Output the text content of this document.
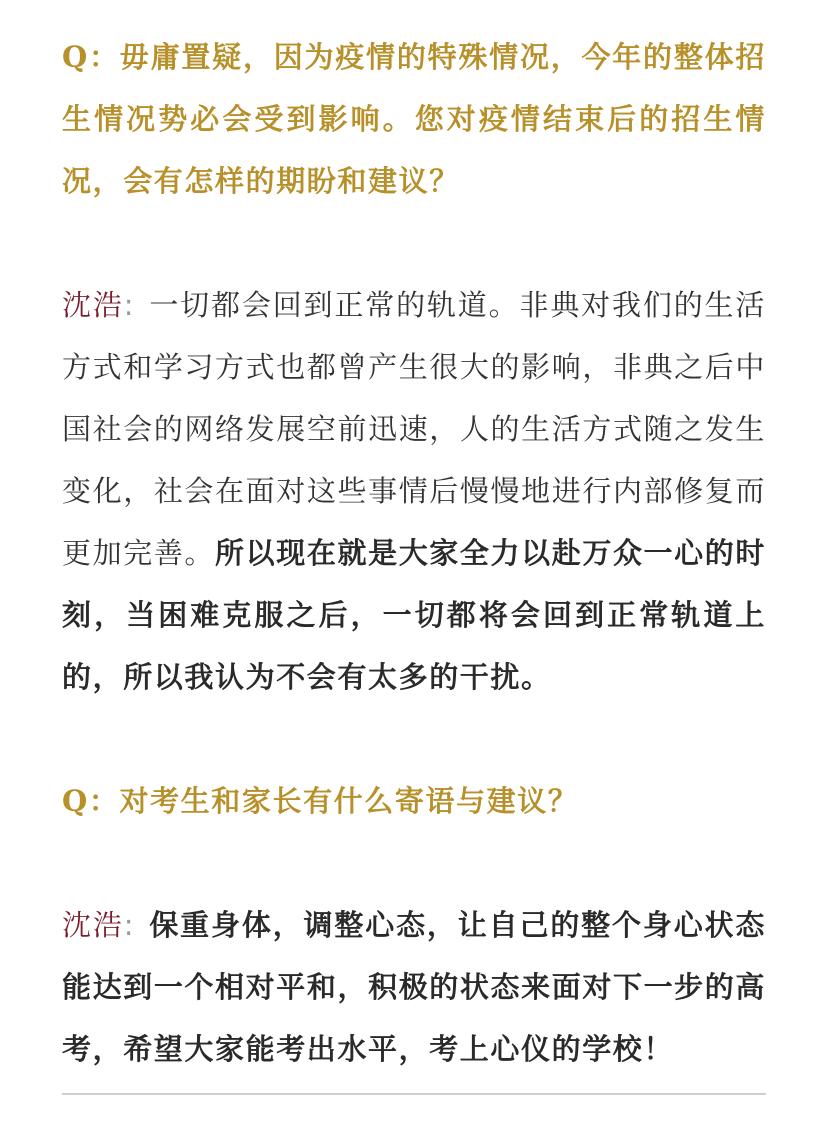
Q：毋庸置疑，因为疫情的特殊情况，今年的整体招生情况势必会受到影响。您对疫情结束后的招生情况，会有怎样的期盼和建议？

沈浩: 一切都会回到正常的轨道。非典对我们的生活方式和学习方式也都曾产生很大的影响，非典之后中国社会的网络发展空前迅速，人的生活方式随之发生变化，社会在面对这些事情后慢慢地进行内部修复而更加完善。所以现在就是大家全力以赴万众一心的时刻，当困难克服之后，一切都将会回到正常轨道上的，所以我认为不会有太多的干扰。

Q：对考生和家长有什么寄语与建议？

沈浩: 保重身体，调整心态，让自己的整个身心状态能达到一个相对平和，积极的状态来面对下一步的高考，希望大家能考出水平，考上心仪的学校！
